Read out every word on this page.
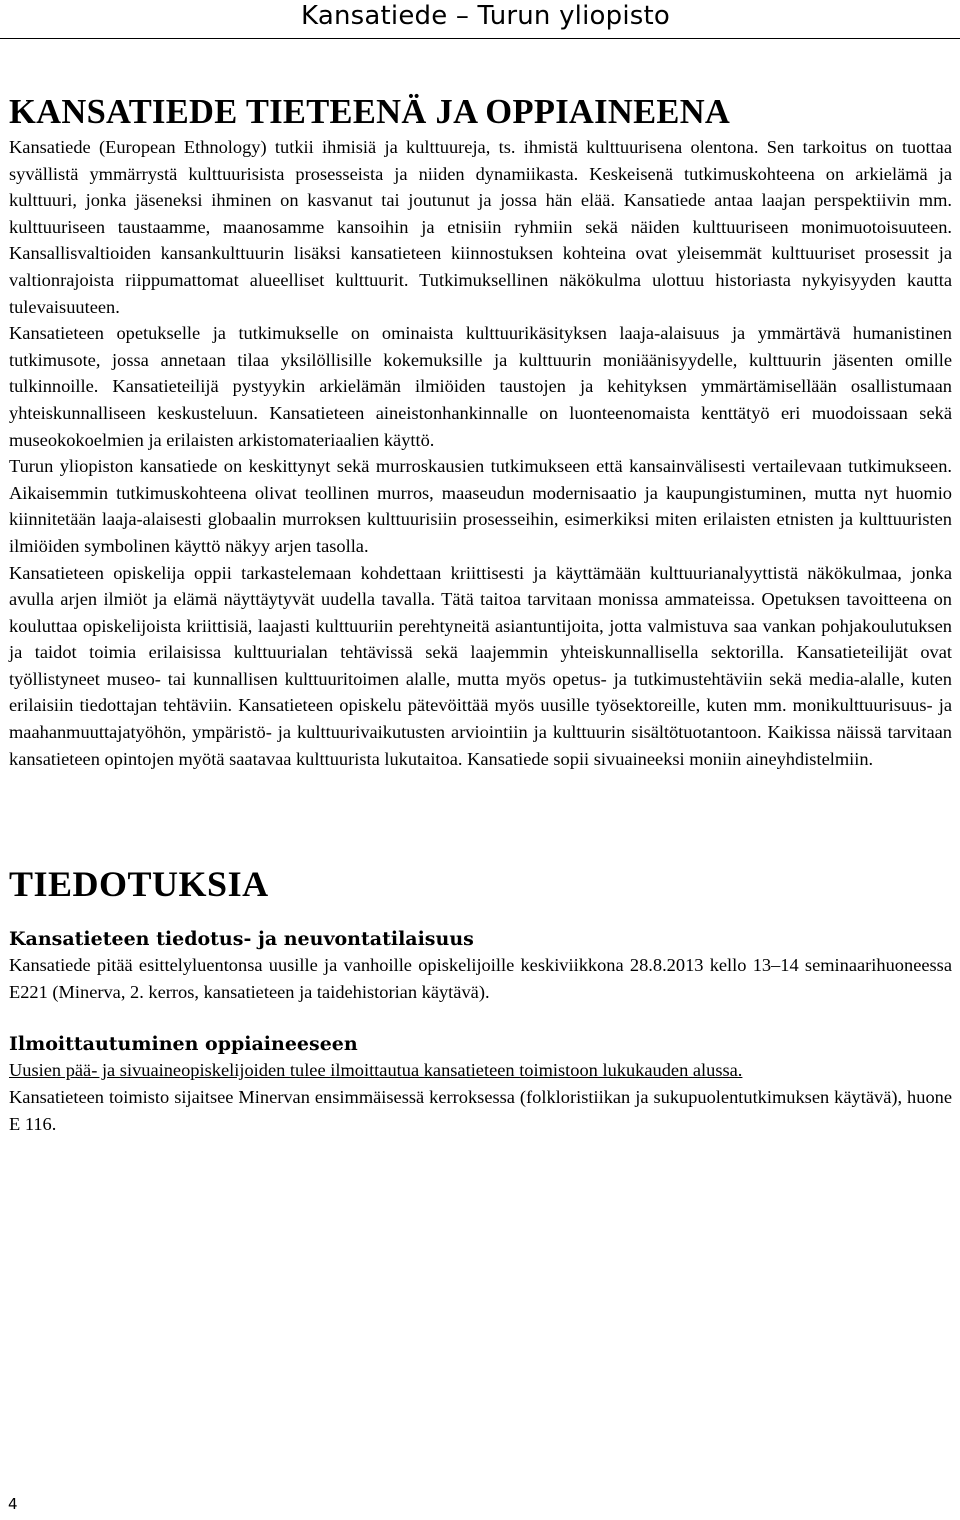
Kansatiede – Turun yliopisto
KANSATIEDE TIETEENÄ JA OPPIAINEENA

Kansatiede (European Ethnology) tutkii ihmisiä ja kulttuureja, ts. ihmistä kulttuurisena olentona. Sen tarkoitus on tuottaa syvällistä ymmärrystä kulttuurisista prosesseista ja niiden dynamiikasta. Keskeisenä tutkimuskohteena on arkielämä ja kulttuuri, jonka jäseneksi ihminen on kasvanut tai joutunut ja jossa hän elää. Kansatiede antaa laajan perspektiivin mm. kulttuuriseen taustaamme, maanosamme kansoihin ja etnisiin ryhmiin sekä näiden kulttuuriseen monimuotoisuuteen. Kansallisvaltioiden kansankulttuurin lisäksi kansatieteen kiinnostuksen kohteina ovat yleisemmät kulttuuriset prosessit ja valtionrajoista riippumattomat alueelliset kulttuurit. Tutkimuksellinen näkökulma ulottuu historiasta nykyisyyden kautta tulevaisuuteen.

Kansatieteen opetukselle ja tutkimukselle on ominaista kulttuurikäsityksen laaja-alaisuus ja ymmärtävä humanistinen tutkimusote, jossa annetaan tilaa yksilöllisille kokemuksille ja kulttuurin moniäänisyydelle, kulttuurin jäsenten omille tulkinnoille. Kansatieteilijä pystyykin arkielämän ilmiöiden taustojen ja kehityksen ymmärtämisellään osallistumaan yhteiskunnalliseen keskusteluun. Kansatieteen aineistonhankinnalle on luonteenomaista kenttätyö eri muodoissaan sekä museokokoelmien ja erilaisten arkistomateriaalien käyttö.

Turun yliopiston kansatiede on keskittynyt sekä murroskausien tutkimukseen että kansainvälisesti vertailevaan tutkimukseen. Aikaisemmin tutkimuskohteena olivat teollinen murros, maaseudun modernisaatio ja kaupungistuminen, mutta nyt huomio kiinnitetään laaja-alaisesti globaalin murroksen kulttuurisiin prosesseihin, esimerkiksi miten erilaisten etnisten ja kulttuuristen ilmiöiden symbolinen käyttö näkyy arjen tasolla.

Kansatieteen opiskelija oppii tarkastelemaan kohdettaan kriittisesti ja käyttämään kulttuurianalyyttistä näkökulmaa, jonka avulla arjen ilmiöt ja elämä näyttäytyvät uudella tavalla. Tätä taitoa tarvitaan monissa ammateissa. Opetuksen tavoitteena on kouluttaa opiskelijoista kriittisiä, laajasti kulttuuriin perehtyneitä asiantuntijoita, jotta valmistuva saa vankan pohjakoulutuksen ja taidot toimia erilaisissa kulttuurialan tehtävissä sekä laajemmin yhteiskunnallisella sektorilla. Kansatieteilijät ovat työllistyneet museo- tai kunnallisen kulttuuritoimen alalle, mutta myös opetus- ja tutkimustehtäviin sekä media-alalle, kuten erilaisiin tiedottajan tehtäviin. Kansatieteen opiskelu pätevöittää myös uusille työsektoreille, kuten mm. monikulttuurisuus- ja maahanmuuttajatyöhön, ympäristö- ja kulttuurivaikutusten arviointiin ja kulttuurin sisältötuotantoon. Kaikissa näissä tarvitaan kansatieteen opintojen myötä saatavaa kulttuurista lukutaitoa. Kansatiede sopii sivuaineeksi moniin aineyhdistelmiin.

TIEDOTUKSIA
Kansatieteen tiedotus- ja neuvontatilaisuus

Kansatiede pitää esittelyluentonsa uusille ja vanhoille opiskelijoille keskiviikkona 28.8.2013 kello 13–14 seminaarihuoneessa E221 (Minerva, 2. kerros, kansatieteen ja taidehistorian käytävä).

Ilmoittautuminen oppiaineeseen

Uusien pää- ja sivuaineopiskelijoiden tulee ilmoittautua kansatieteen toimistoon lukukauden alussa.

Kansatieteen toimisto sijaitsee Minervan ensimmäisessä kerroksessa (folkloristiikan ja sukupuolentutkimuksen käytävä), huone E 116.

4
